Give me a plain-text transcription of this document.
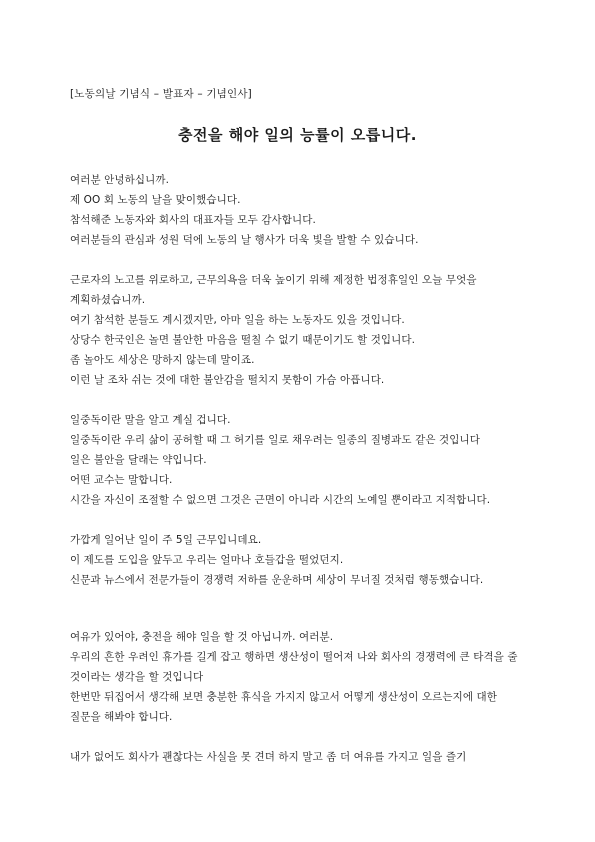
[노동의날 기념식 – 발표자 – 기념인사]
충전을 해야 일의 능률이 오릅니다.
여러분 안녕하십니까.
제 OO 회 노동의 날을 맞이했습니다.
참석해준 노동자와 회사의 대표자들 모두 감사합니다.
여러분들의 관심과 성원 덕에 노동의 날 행사가 더욱 빛을 발할 수 있습니다.
근로자의 노고를 위로하고, 근무의욕을 더욱 높이기 위해 제정한 법정휴일인 오늘 무엇을 계획하셨습니까.
여기 참석한 분들도 계시겠지만, 아마 일을 하는 노동자도 있을 것입니다.
상당수 한국인은 놀면 불안한 마음을 떨칠 수 없기 때문이기도 할 것입니다.
좀 놀아도 세상은 망하지 않는데 말이죠.
이런 날 조차 쉬는 것에 대한 불안감을 떨치지 못함이 가슴 아픕니다.
일중독이란 말을 알고 계실 겁니다.
일중독이란 우리 삶이 공허할 때 그 허기를 일로 채우려는 일종의 질병과도 같은 것입니다
일은 불안을 달래는 약입니다.
어떤 교수는 말합니다.
시간을 자신이 조절할 수 없으면 그것은 근면이 아니라 시간의 노예일 뿐이라고 지적합니다.
가깝게 일어난 일이 주 5일 근무입니데요.
이 제도를 도입을 앞두고 우리는 얼마나 호들갑을 떨었던지.
신문과 뉴스에서 전문가들이 경쟁력 저하를 운운하며 세상이 무너질 것처럼 행동했습니다.
여유가 있어야, 충전을 해야 일을 할 것 아닙니까. 여러분.
우리의 흔한 우려인 휴가를 길게 잡고 행하면 생산성이 떨어져 나와 회사의 경쟁력에 큰 타격을 줄 것이라는 생각을 할 것입니다
한번만 뒤집어서 생각해 보면 충분한 휴식을 가지지 않고서 어떻게 생산성이 오르는지에 대한 질문을 해봐야 합니다.
내가 없어도 회사가 괜찮다는 사실을 못 견뎌 하지 말고 좀 더 여유를 가지고 일을 즐기
